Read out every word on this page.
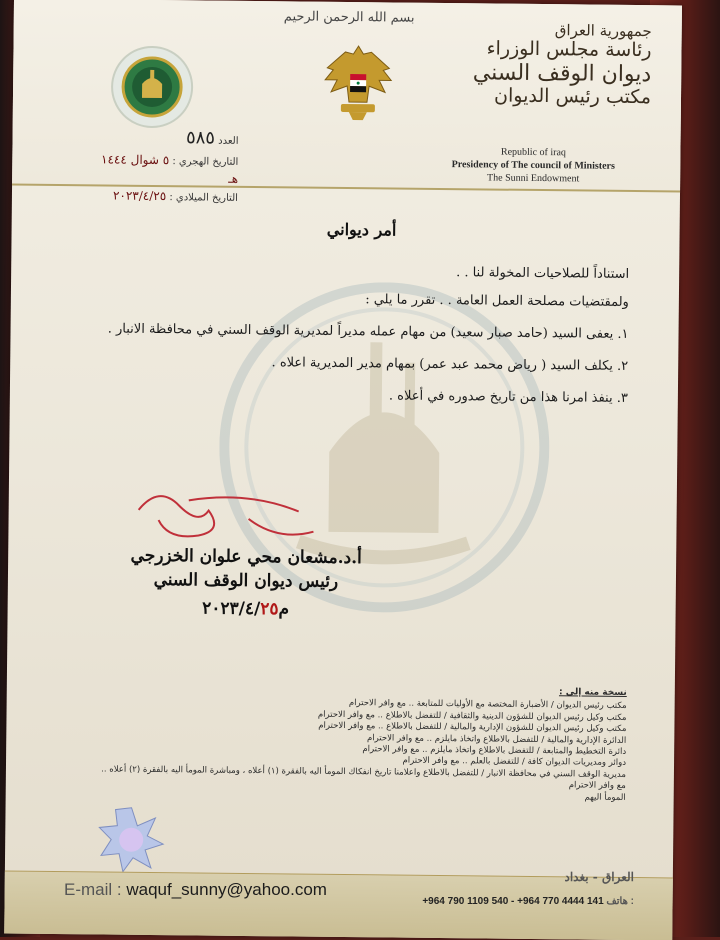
بسم الله الرحمن الرحيم
جمهورية العراق
رئاسة مجلس الوزراء
ديوان الوقف السني
مكتب رئيس الديوان
Republic of iraq
Presidency of The council of Ministers
The Sunni Endowment
العدد ٥٨٥
التاريخ الهجري : ٥ شوال ١٤٤٤ هـ
التاريخ الميلادي : ٢٠٢٣/٤/٢٥
أمر ديواني
استناداً للصلاحيات المخولة لنا . .
ولمقتضيات مصلحة العمل العامة . . تقرر ما يلي :
١. يعفى السيد (حامد صبار سعيد) من مهام عمله مديراً لمديرية الوقف السني في محافظة الانبار .
٢. يكلف السيد ( رياض محمد عبد عمر) بمهام مدير المديرية اعلاه .
٣. ينفذ امرنا هذا من تاريخ صدوره في أعلاه .
أ.د.مشعان محي علوان الخزرجي
رئيس ديوان الوقف السني
م٢٠٢٣/٤/٢٥
نسخة منه إلى :
مكتب رئيس الديوان / الأضبارة المختصة مع الأوليات للمتابعة .. مع وافر الاحترام
مكتب وكيل رئيس الديوان للشؤون الدينية والثقافية / للتفضل بالاطلاع .. مع وافر الاحترام
مكتب وكيل رئيس الديوان للشؤون الإدارية والمالية / للتفضل بالاطلاع .. مع وافر الاحترام
الدائرة الإدارية والمالية / للتفضل بالاطلاع واتخاذ مايلزم .. مع وافر الاحترام
دائرة التخطيط والمتابعة / للتفضل بالاطلاع واتخاذ مايلزم .. مع وافر الاحترام
دوائر ومديريات الديوان كافة / للتفضل بالعلم .. مع وافر الاحترام
مديرية الوقف السني في محافظة الانبار / للتفضل بالاطلاع واعلامنا تاريخ انفكاك المومأ اليه بالفقرة (١) أعلاه ، ومباشرة المومأ اليه بالفقرة (٢) أعلاه .. مع وافر الاحترام
المومأ اليهم
E-mail : waquf_sunny@yahoo.com
العراق - بغداد
+964 790 1109 540 - +964 770 4444 141 هاتف :
